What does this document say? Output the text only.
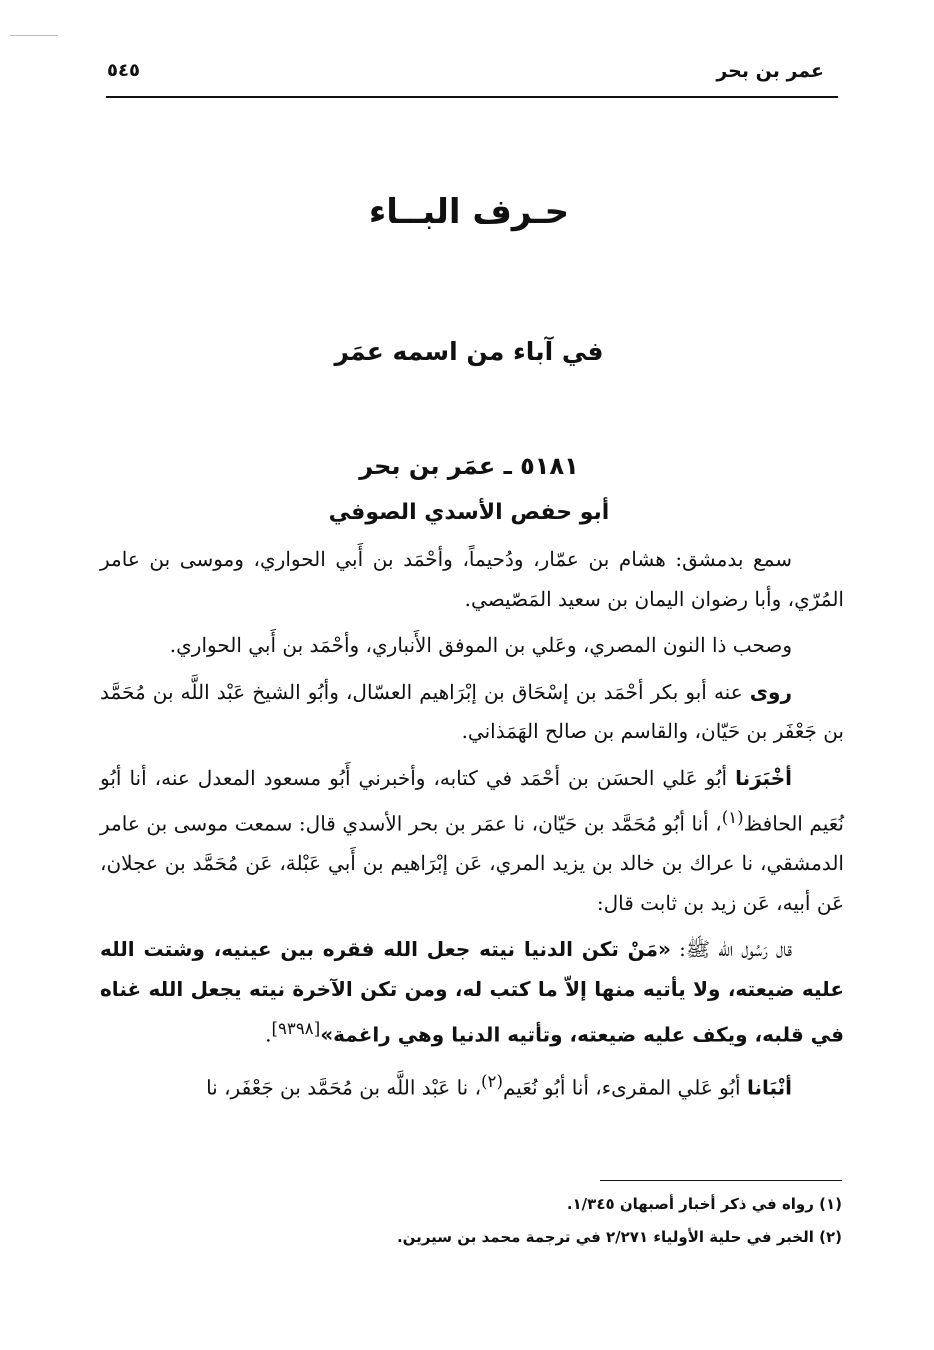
عمر بن بحر
٥٤٥
حـرف البــاء
في آباء من اسمه عمَر
٥١٨١ ـ عمَر بن بحر
أبو حفص الأسدي الصوفي

سمع بدمشق: هشام بن عمّار، ودُحيماً، وأحْمَد بن أَبي الحواري، وموسى بن عامر المُرّي، وأبا رضوان اليمان بن سعيد المَصّيصي.

وصحب ذا النون المصري، وعَلي بن الموفق الأَنباري، وأحْمَد بن أَبي الحواري.

روى عنه أبو بكر أحْمَد بن إسْحَاق بن إبْرَاهيم العسّال، وأبُو الشيخ عَبْد اللَّه بن مُحَمَّد بن جَعْفَر بن حَيّان، والقاسم بن صالح الهَمَذاني.

أخْبَرَنا أبُو عَلي الحسَن بن أحْمَد في كتابه، وأخبرني أَبُو مسعود المعدل عنه، أنا أبُو نُعَيم الحافظ$^{(١)}$، أنا أبُو مُحَمَّد بن حَيّان، نا عمَر بن بحر الأسدي قال: سمعت موسى بن عامر الدمشقي، نا عراك بن خالد بن يزيد المري، عَن إبْرَاهيم بن أَبي عَبْلة، عَن مُحَمَّد بن عجلان، عَن أبيه، عَن زيد بن ثابت قال:

قال رَسُول الله ﷺ: «مَنْ تكن الدنيا نيته جعل الله فقره بين عينيه، وشتت الله عليه ضيعته، ولا يأتيه منها إلاّ ما كتب له، ومن تكن الآخرة نيته يجعل الله غناه في قلبه، ويكف عليه ضيعته، وتأتيه الدنيا وهي راغمة»[٩٣٩٨].

أنْبَانا أبُو عَلي المقرىء، أنا أبُو نُعَيم$^{(٢)}$، نا عَبْد اللَّه بن مُحَمَّد بن جَعْفَر، نا

(١) رواه في ذكر أخبار أصبهان ١/٣٤٥.
(٢) الخبر في حلية الأولياء ٢/٢٧١ في ترجمة محمد بن سيرين.
